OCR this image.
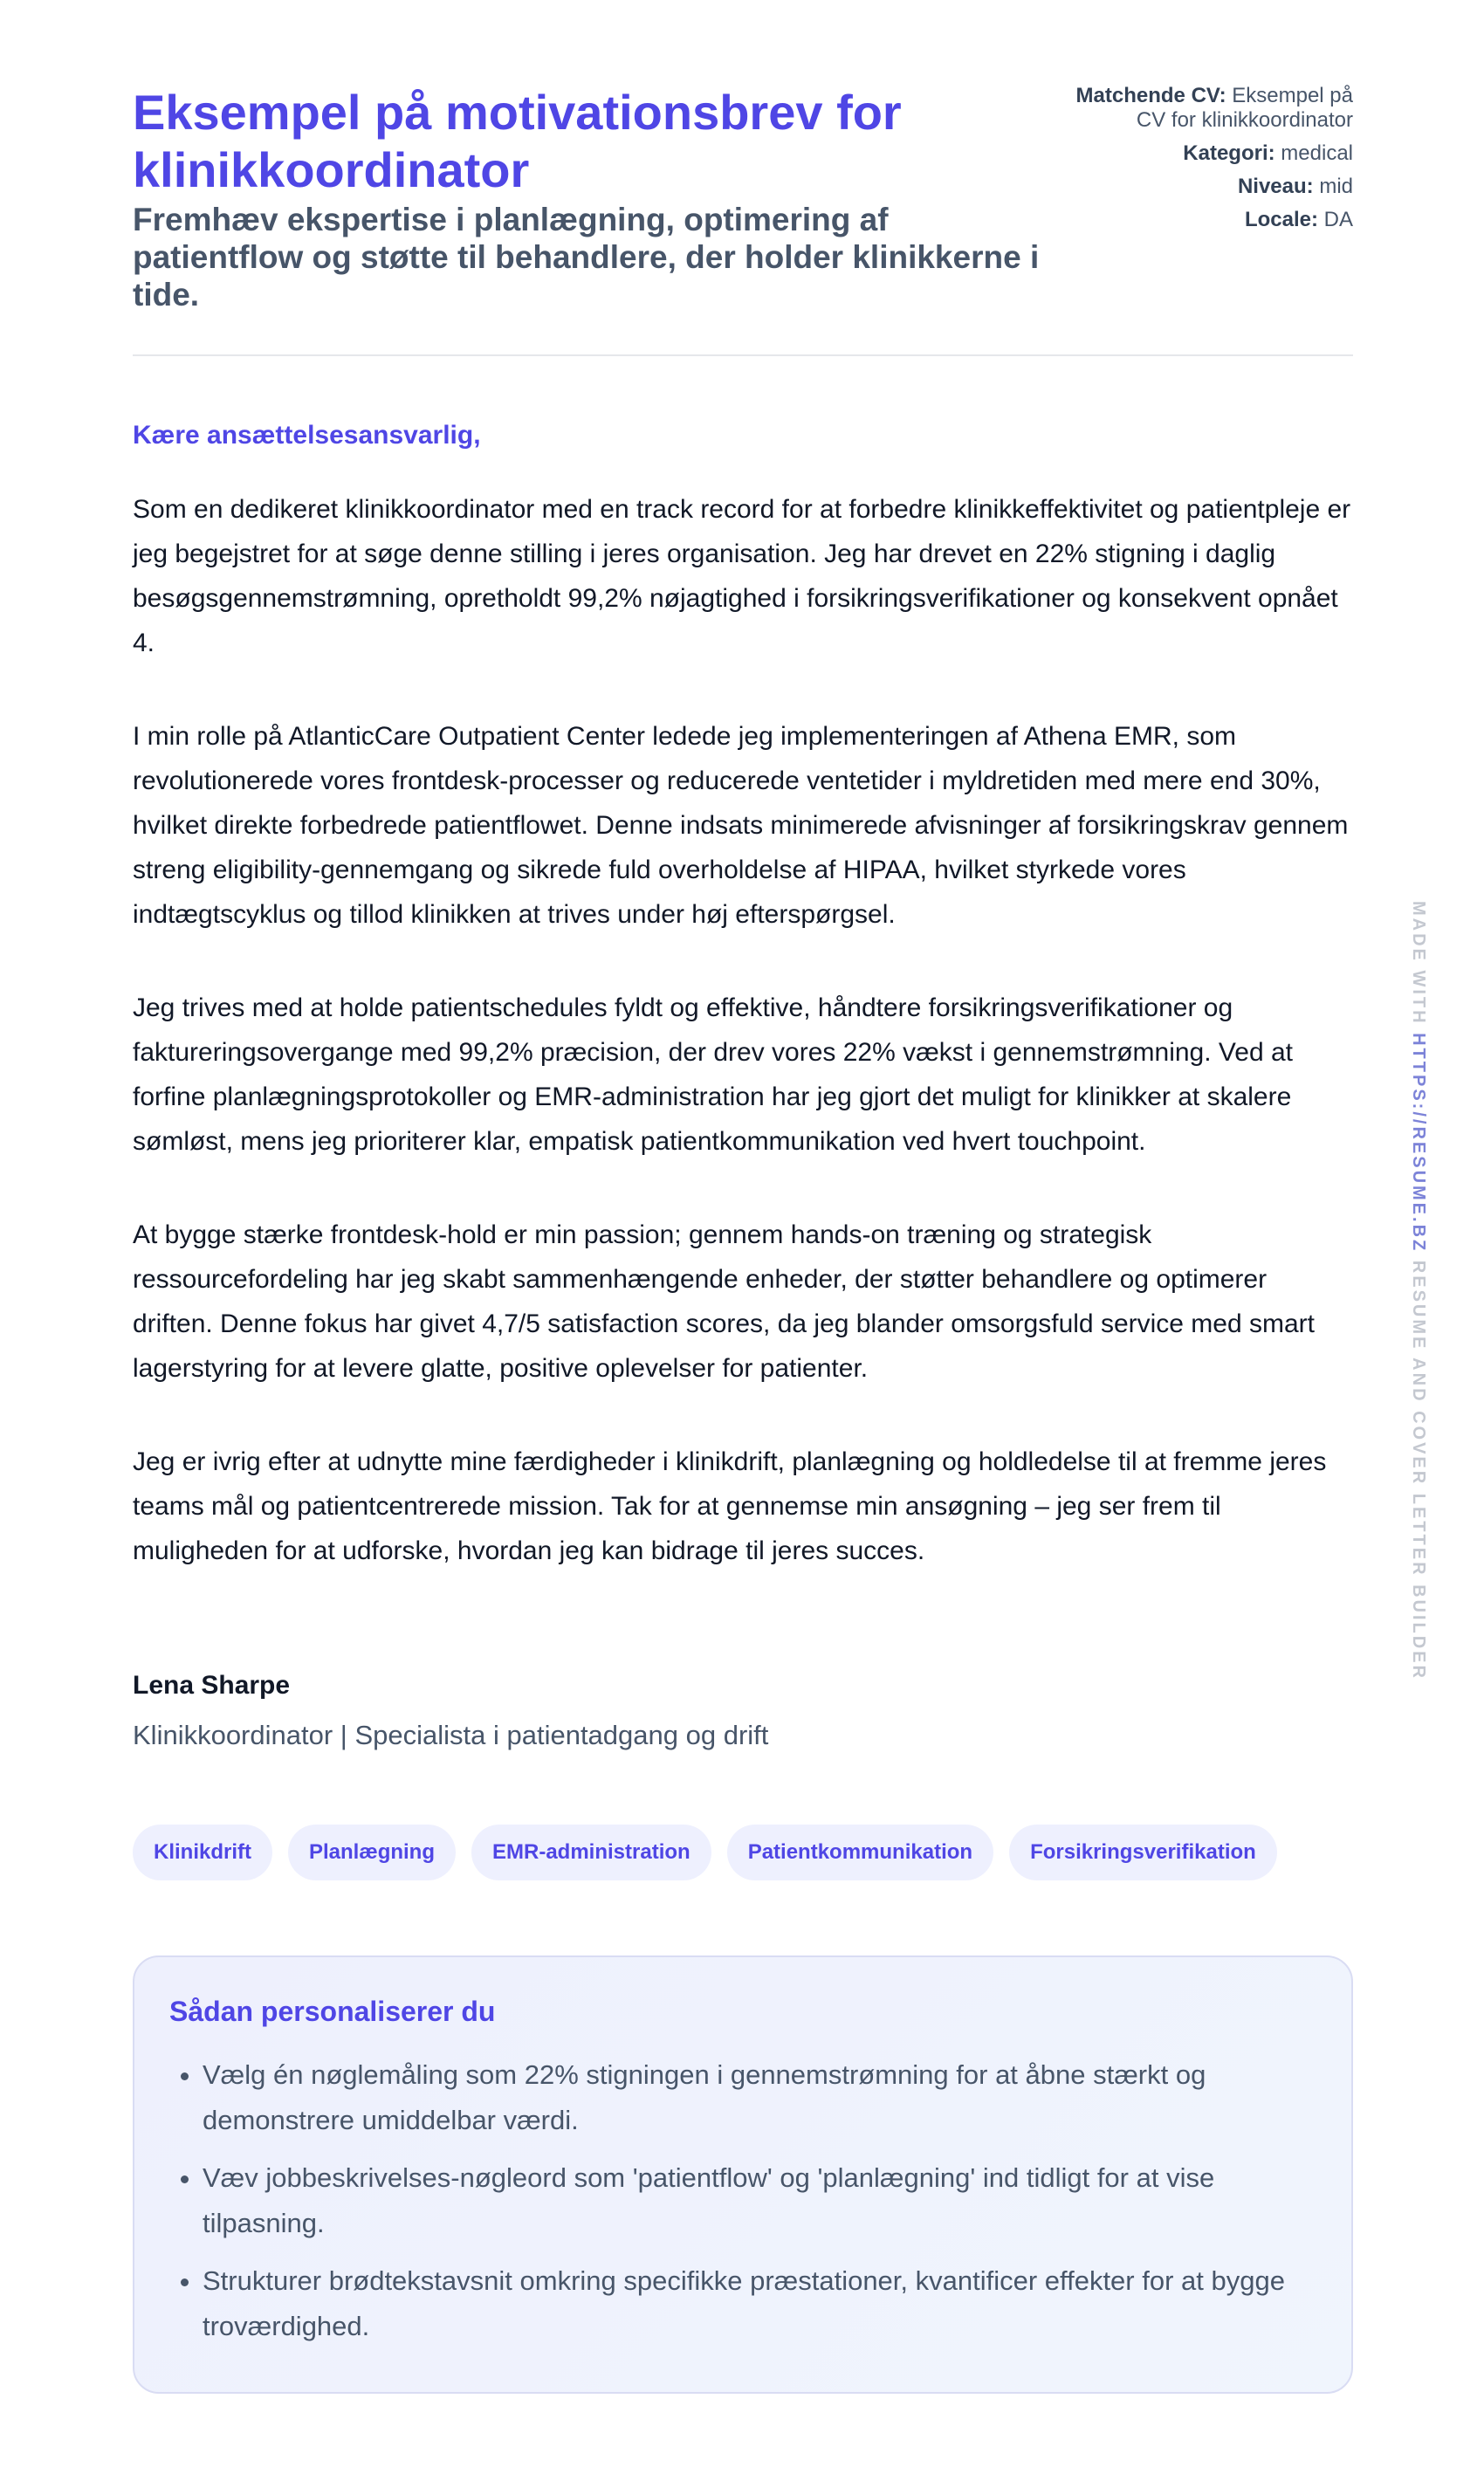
Eksempel på motivationsbrev for klinikkoordinator
Fremhæv ekspertise i planlægning, optimering af patientflow og støtte til behandlere, der holder klinikkerne i tide.
Matchende CV: Eksempel på CV for klinikkoordinator
Kategori: medical
Niveau: mid
Locale: DA

Kære ansættelsesansvarlig,

Som en dedikeret klinikkoordinator med en track record for at forbedre klinikkeffektivitet og patientpleje er jeg begejstret for at søge denne stilling i jeres organisation. Jeg har drevet en 22% stigning i daglig besøgsgennemstrømning, opretholdt 99,2% nøjagtighed i forsikringsverifikationer og konsekvent opnået 4.

I min rolle på AtlanticCare Outpatient Center ledede jeg implementeringen af Athena EMR, som revolutionerede vores frontdesk-processer og reducerede ventetider i myldretiden med mere end 30%, hvilket direkte forbedrede patientflowet. Denne indsats minimerede afvisninger af forsikringskrav gennem streng eligibility-gennemgang og sikrede fuld overholdelse af HIPAA, hvilket styrkede vores indtægtscyklus og tillod klinikken at trives under høj efterspørgsel.

Jeg trives med at holde patientschedules fyldt og effektive, håndtere forsikringsverifikationer og faktureringsovergange med 99,2% præcision, der drev vores 22% vækst i gennemstrømning. Ved at forfine planlægningsprotokoller og EMR-administration har jeg gjort det muligt for klinikker at skalere sømløst, mens jeg prioriterer klar, empatisk patientkommunikation ved hvert touchpoint.

At bygge stærke frontdesk-hold er min passion; gennem hands-on træning og strategisk ressourcefordeling har jeg skabt sammenhængende enheder, der støtter behandlere og optimerer driften. Denne fokus har givet 4,7/5 satisfaction scores, da jeg blander omsorgsfuld service med smart lagerstyring for at levere glatte, positive oplevelser for patienter.

Jeg er ivrig efter at udnytte mine færdigheder i klinikdrift, planlægning og holdledelse til at fremme jeres teams mål og patientcentrerede mission. Tak for at gennemse min ansøgning – jeg ser frem til muligheden for at udforske, hvordan jeg kan bidrage til jeres succes.

Lena Sharpe

Klinikkoordinator | Specialista i patientadgang og drift

Klinikdrift	Planlægning	EMR-administration	Patientkommunikation	Forsikringsverifikation
Sådan personaliserer du
• Vælg én nøglemåling som 22% stigningen i gennemstrømning for at åbne stærkt og demonstrere umiddelbar værdi.
• Væv jobbeskrivelses-nøgleord som 'patientflow' og 'planlægning' ind tidligt for at vise tilpasning.
• Strukturer brødtekstavsnit omkring specifikke præstationer, kvantificer effekter for at bygge troværdighed.
MADE WITH HTTPS://RESUME.BZ RESUME AND COVER LETTER BUILDER
